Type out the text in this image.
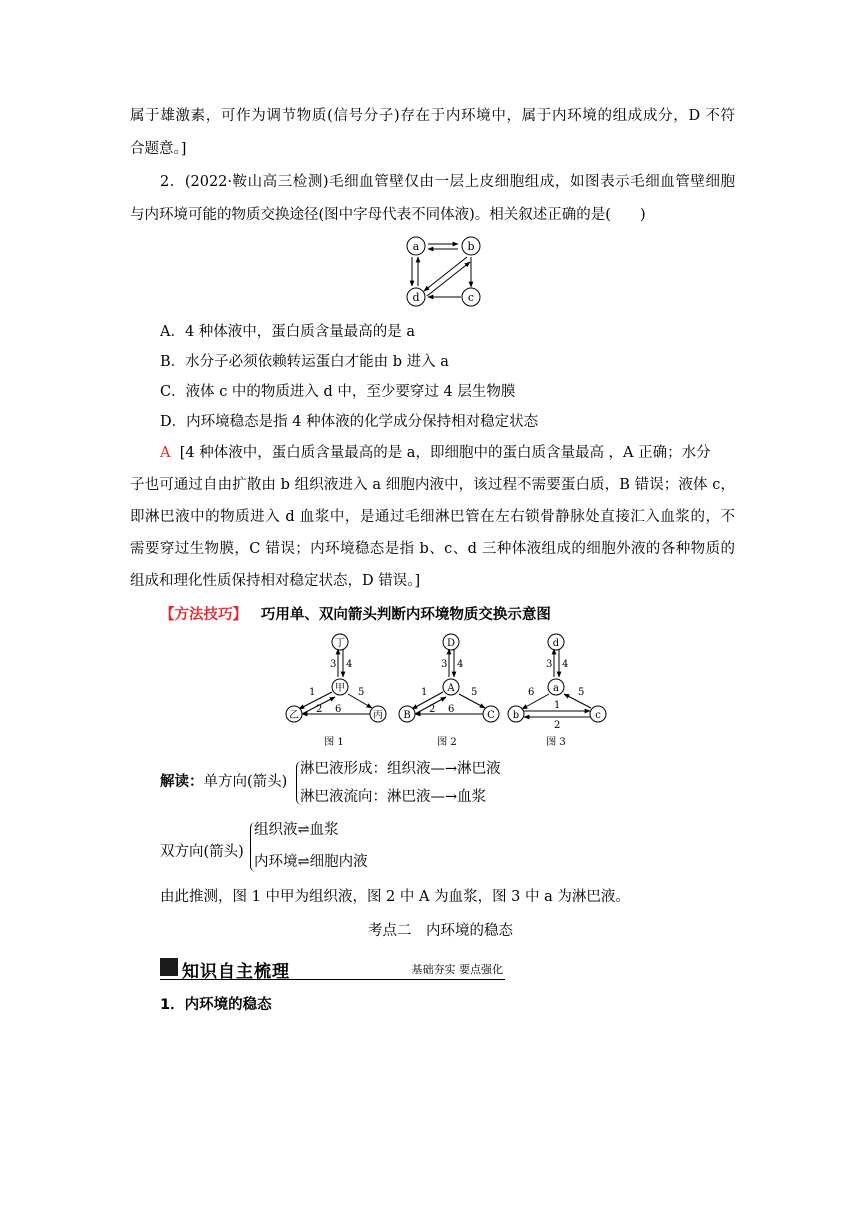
属于雄激素，可作为调节物质(信号分子)存在于内环境中，属于内环境的组成成分，D 不符
合题意。]
2．(2022·鞍山高三检测)毛细血管壁仅由一层上皮细胞组成，如图表示毛细血管壁细胞
与内环境可能的物质交换途径(图中字母代表不同体液)。相关叙述正确的是(　　)
a	b
c
d
A．4 种体液中，蛋白质含量最高的是 a
B．水分子必须依赖转运蛋白才能由 b 进入 a
C．液体 c 中的物质进入 d 中，至少要穿过 4 层生物膜
D．内环境稳态是指 4 种体液的化学成分保持相对稳定状态
A [4 种体液中，蛋白质含量最高的是 a，即细胞中的蛋白质含量最高 ，A 正确；水分
子也可通过自由扩散由 b 组织液进入 a 细胞内液中，该过程不需要蛋白质，B 错误；液体 c，
即淋巴液中的物质进入 d 血浆中，是通过毛细淋巴管在左右锁骨静脉处直接汇入血浆的，不
需要穿过生物膜，C 错误；内环境稳态是指 b、c、d 三种体液组成的细胞外液的各种物质的
组成和理化性质保持相对稳定状态，D 错误。]
【方法技巧】 巧用单、双向箭头判断内环境物质交换示意图
丁
甲
乙	丙
3 4
1
2
5
6
图 1
D
A
B	C
3 4
1
2
5
6
图 2
d
a
b	c
3 4
6	5
1
2
图 3
解读：单方向(箭头)
淋巴液形成：组织液—→淋巴液
淋巴液流向：淋巴液—→血浆
双方向(箭头)
组织液⇌血浆
内环境⇌细胞内液
由此推测，图 1 中甲为组织液，图 2 中 A 为血浆，图 3 中 a 为淋巴液。
考点二　内环境的稳态
知识自主梳理	基础夯实 要点强化
1．内环境的稳态
